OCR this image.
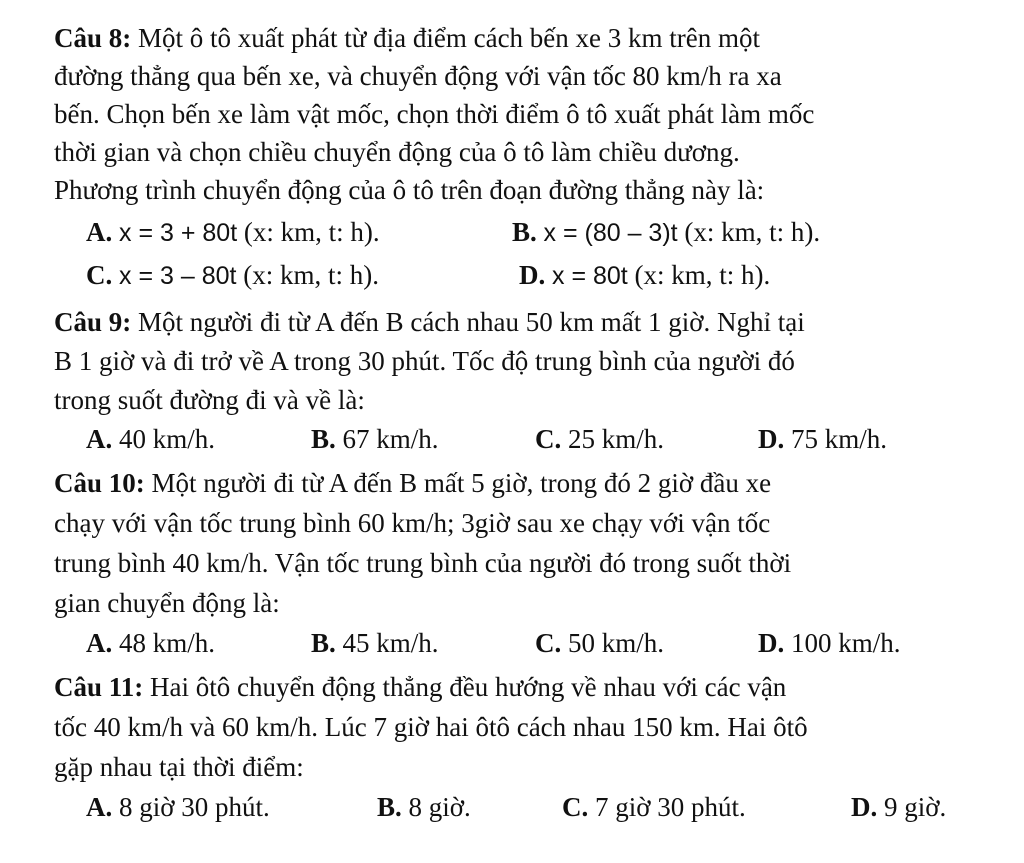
Câu 8: Một ô tô xuất phát từ địa điểm cách bến xe 3 km trên một
đường thẳng qua bến xe, và chuyển động với vận tốc 80 km/h ra xa
bến. Chọn bến xe làm vật mốc, chọn thời điểm ô tô xuất phát làm mốc
thời gian và chọn chiều chuyển động của ô tô làm chiều dương.
Phương trình chuyển động của ô tô trên đoạn đường thẳng này là:
A. x = 3 + 80t (x: km, t: h).	B. x = (80 – 3)t (x: km, t: h).
C. x = 3 – 80t (x: km, t: h).	D. x = 80t (x: km, t: h).
Câu 9: Một người đi từ A đến B cách nhau 50 km mất 1 giờ. Nghỉ tại
B 1 giờ và đi trở về A trong 30 phút. Tốc độ trung bình của người đó
trong suốt đường đi và về là:
A. 40 km/h.	B. 67 km/h.	C. 25 km/h.	D. 75 km/h.
Câu 10: Một người đi từ A đến B mất 5 giờ, trong đó 2 giờ đầu xe
chạy với vận tốc trung bình 60 km/h; 3giờ sau xe chạy với vận tốc
trung bình 40 km/h. Vận tốc trung bình của người đó trong suốt thời
gian chuyển động là:
A. 48 km/h.	B. 45 km/h.	C. 50 km/h.	D. 100 km/h.
Câu 11: Hai ôtô chuyển động thẳng đều hướng về nhau với các vận
tốc 40 km/h và 60 km/h. Lúc 7 giờ hai ôtô cách nhau 150 km. Hai ôtô
gặp nhau tại thời điểm:
A. 8 giờ 30 phút.	B. 8 giờ.	C. 7 giờ 30 phút.	D. 9 giờ.
